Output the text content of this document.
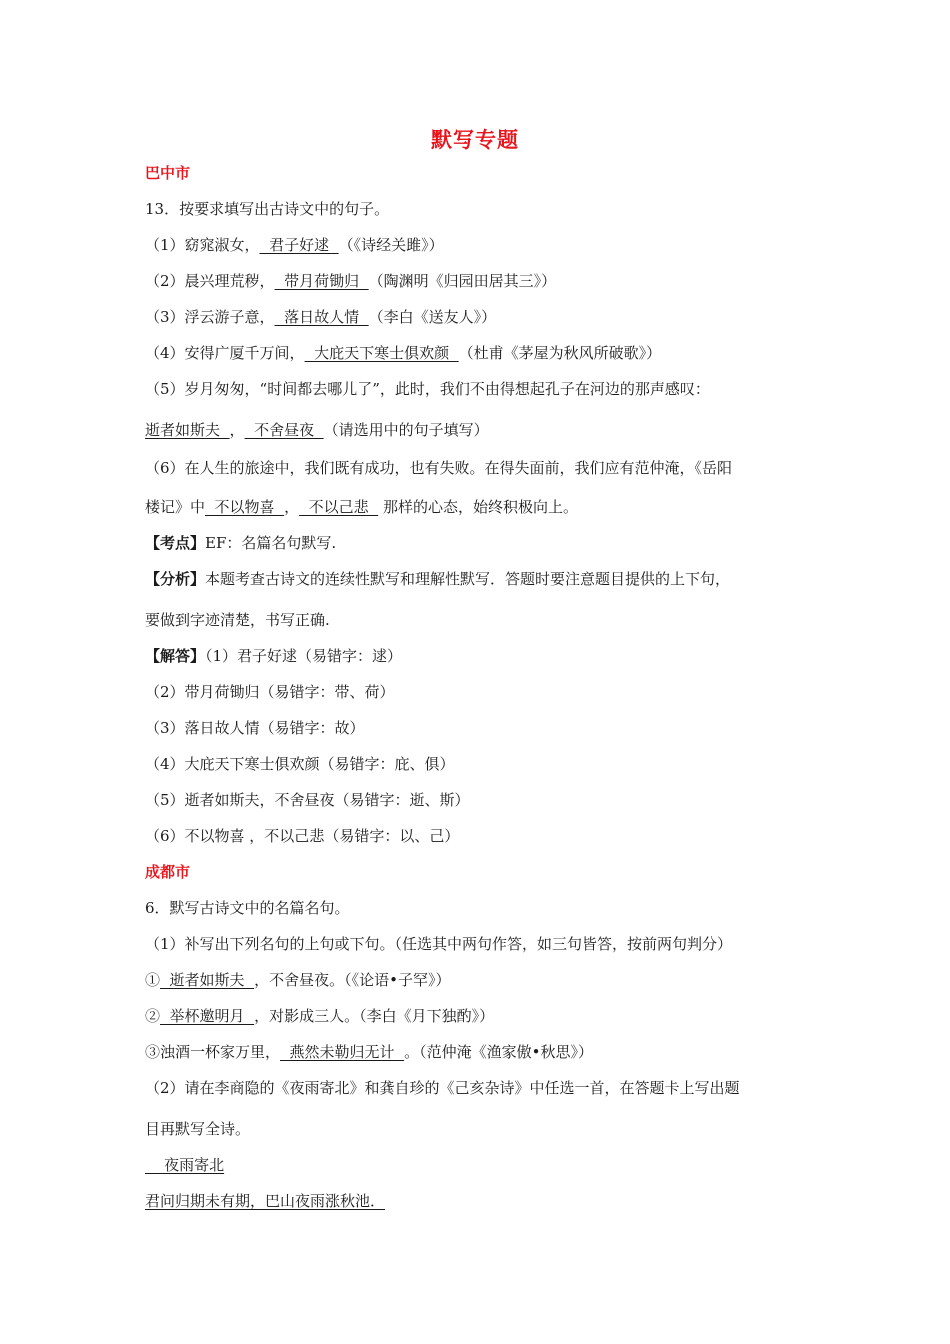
默写专题
巴中市
13．按要求填写出古诗文中的句子。
（1）窈窕淑女，  君子好逑  （《诗经关雎》）
（2）晨兴理荒秽，  带月荷锄归  （陶渊明《归园田居其三》）
（3）浮云游子意，  落日故人情  （李白《送友人》）
（4）安得广厦千万间，  大庇天下寒士俱欢颜  （杜甫《茅屋为秋风所破歌》）
（5）岁月匆匆，“时间都去哪儿了”，此时，我们不由得想起孔子在河边的那声感叹：
逝者如斯夫  ，  不舍昼夜  （请选用中的句子填写）
（6）在人生的旅途中，我们既有成功，也有失败。在得失面前，我们应有范仲淹，《岳阳
楼记》中  不以物喜  ，  不以己悲   那样的心态，始终积极向上。
【考点】EF：名篇名句默写.
【分析】本题考查古诗文的连续性默写和理解性默写．答题时要注意题目提供的上下句，
要做到字迹清楚，书写正确.
【解答】（1）君子好逑（易错字：逑）
（2）带月荷锄归（易错字：带、荷）
（3）落日故人情（易错字：故）
（4）大庇天下寒士俱欢颜（易错字：庇、俱）
（5）逝者如斯夫，不舍昼夜（易错字：逝、斯）
（6）不以物喜 ，不以己悲（易错字：以、己）
成都市
6．默写古诗文中的名篇名句。
（1）补写出下列名句的上句或下句。（任选其中两句作答，如三句皆答，按前两句判分）
①  逝者如斯夫  ，不舍昼夜。（《论语•子罕》）
②  举杯邀明月  ，对影成三人。（李白《月下独酌》）
③浊酒一杯家万里，  燕然未勒归无计  。（范仲淹《渔家傲•秋思》）
（2）请在李商隐的《夜雨寄北》和龚自珍的《己亥杂诗》中任选一首，在答题卡上写出题
目再默写全诗。
夜雨寄北
君问归期未有期，巴山夜雨涨秋池．
